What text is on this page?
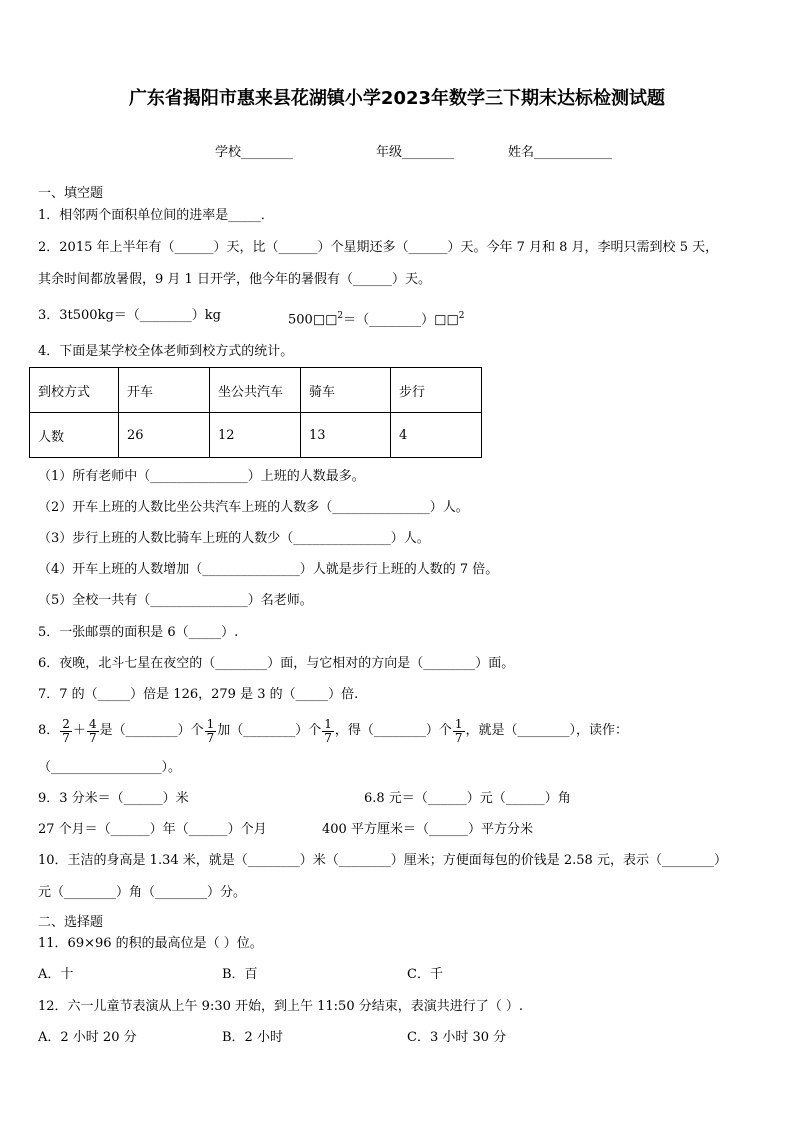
广东省揭阳市惠来县花湖镇小学2023年数学三下期末达标检测试题
学校________	年级________	姓名____________
一、填空题
1．相邻两个面积单位间的进率是_____．
2．2015 年上半年有（______）天，比（______）个星期还多（______）天。今年 7 月和 8 月，李明只需到校 5 天，
其余时间都放暑假，9 月 1 日开学，他今年的暑假有（______）天。
3．3t500kg＝（________）kg	500□□$^2$＝（________）□□$^2$
4．下面是某学校全体老师到校方式的统计。
到校方式	开车	坐公共汽车	骑车	步行
人数	26	12	13	4
（1）所有老师中（_______________）上班的人数最多。
（2）开车上班的人数比坐公共汽车上班的人数多（_______________）人。
（3）步行上班的人数比骑车上班的人数少（_______________）人。
（4）开车上班的人数增加（_______________）人就是步行上班的人数的 7 倍。
（5）全校一共有（_______________）名老师。
5．一张邮票的面积是 6（_____）.
6．夜晚，北斗七星在夜空的（________）面，与它相对的方向是（________）面。
7．7 的（_____）倍是 126，279 是 3 的（_____）倍.
8． $\frac{2}{7} + \frac{4}{7}$ 是（________）个 $\frac{1}{7}$ 加（________）个 $\frac{1}{7}$ ，得（________）个 $\frac{1}{7}$ ，就是（________），读作：
（_________________）。
9．3 分米＝（______）米	6.8 元＝（______）元（______）角
27 个月＝（______）年（______）个月	400 平方厘米＝（______）平方分米
10．王洁的身高是 1.34 米，就是（________）米（________）厘米；方便面每包的价钱是 2.58 元，表示（________）
元（________）角（________）分。
二、选择题
11．69×96 的积的最高位是（ ）位。
A．十	B．百	C．千
12．六一儿童节表演从上午 9:30 开始，到上午 11:50 分结束，表演共进行了（ ）.
A．2 小时 20 分	B．2 小时	C．3 小时 30 分
